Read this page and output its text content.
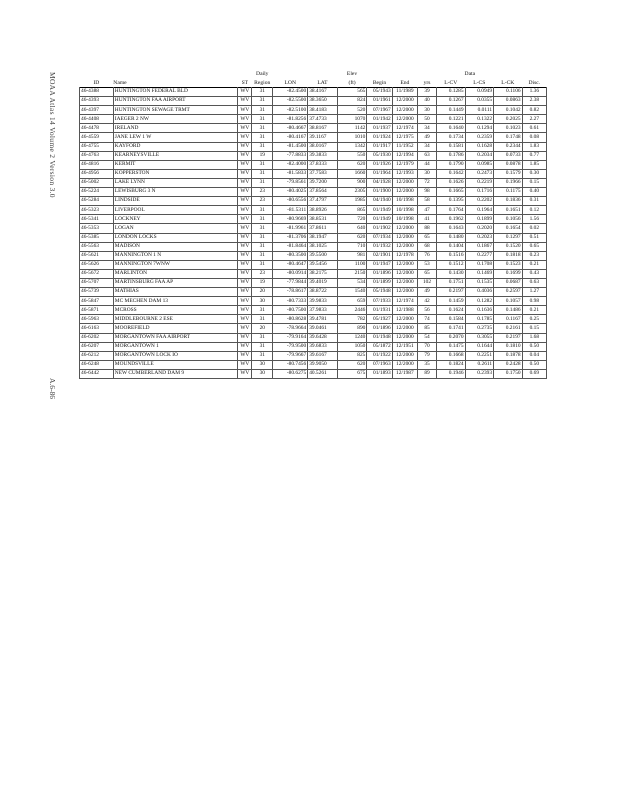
MOAA Atlas 14 Volume 2 Version 3.0
A.6-86
			Daily			Elev			Data				
ID	Name	ST	Region	LON	LAT	(ft)	Begin	End	yrs	L-CV	L-CS	L-CK	Disc.
46-4388	HUNTINGTON FEDERAL BLD	WV	31	-82.4500	38.4167	565	05/1943	11/1989	39	0.1285	0.0949	0.1106	1.36
46-4393	HUNTINGTON FAA AIRPORT	WV	31	-82.5500	38.3650	824	01/1961	12/2000	40	0.1267	0.0355	0.0863	2.38
46-4397	HUNTINGTON SEWAGE TRMT	WV	31	-82.5100	38.4183	520	07/1967	12/2000	30	0.1449	0.0111	0.1042	0.82
46-4408	IAEGER 2 NW	WV	31	-81.8256	37.4733	1070	01/1942	12/2000	50	0.1221	0.1322	0.2025	2.27
46-4478	IRELAND	WV	31	-80.4667	38.8167	1142	01/1937	12/1974	34	0.1640	0.1294	0.1023	0.61
46-4559	JANE LEW 1 W	WV	31	-80.4167	39.1167	1010	01/1924	12/1975	49	0.1734	0.2359	0.1748	0.08
46-4755	KAYFORD	WV	31	-81.4500	38.0167	1342	01/1917	11/1952	34	0.1581	0.1628	0.2344	1.83
46-4763	KEARNEYSVILLE	WV	19	-77.8833	39.3833	550	05/1930	12/1994	63	0.1786	0.2034	0.0733	0.77
46-4816	KERMIT	WV	31	-82.4000	37.8333	620	01/1926	12/1979	44	0.1790	0.0985	0.0878	1.85
46-4956	KOPPERSTON	WV	31	-81.5833	37.7583	1660	01/1964	12/1993	30	0.1642	0.2473	0.1579	0.30
46-5002	LAKE LYNN	WV	31	-79.8561	39.7200	900	04/1928	12/2000	72	0.1626	0.2219	0.1966	0.15
46-5224	LEWISBURG 3 N	WV	23	-80.4025	37.8564	2305	01/1900	12/2000	98	0.1665	0.1716	0.1175	0.40
46-5284	LINDSIDE	WV	23	-80.6556	37.4797	1985	04/1940	10/1998	58	0.1395	0.2202	0.1836	0.31
46-5323	LIVERPOOL	WV	31	-81.5311	38.8926	865	01/1949	10/1998	47	0.1764	0.1964	0.1651	0.12
46-5341	LOCKNEY	WV	31	-80.9669	38.8531	720	01/1949	10/1998	41	0.1962	0.1899	0.1056	1.56
46-5353	LOGAN	WV	31	-81.9961	37.8611	640	01/1902	12/2000	88	0.1643	0.2020	0.1654	0.02
46-5385	LONDON LOCKS	WV	31	-81.3706	38.1947	620	07/1934	12/2000	65	0.1480	0.2023	0.1297	0.51
46-5563	MADISON	WV	31	-81.8464	38.1025	710	01/1932	12/2000	68	0.1404	0.1867	0.1520	0.65
46-5621	MANNINGTON 1 N	WV	31	-80.3500	39.5500	981	02/1901	12/1978	76	0.1516	0.2277	0.1818	0.23
46-5626	MANNINGTON 7WNW	WV	31	-80.4647	39.5456	1100	01/1947	12/2000	53	0.1512	0.1708	0.1523	0.21
46-5672	MARLINTON	WV	23	-80.0914	38.2175	2150	01/1896	12/2000	65	0.1430	0.1469	0.1699	0.43
46-5707	MARTINSBURG FAA AP	WV	19	-77.9844	39.4019	534	01/1899	12/2000	102	0.1751	0.1535	0.0687	0.63
46-5739	MATHIAS	WV	20	-78.8617	38.8722	1540	05/1948	12/2000	49	0.2197	0.4036	0.2597	1.27
46-5847	MC MECHEN DAM 13	WV	30	-80.7333	39.9833	659	07/1933	12/1974	42	0.1459	0.1282	0.1057	0.98
46-5871	MCROSS	WV	31	-80.7500	37.9833	2446	01/1931	12/1988	56	0.1624	0.1636	0.1486	0.21
46-5963	MIDDLEBOURNE 2 ESE	WV	31	-80.8628	39.4781	782	05/1927	12/2000	74	0.1584	0.1785	0.1167	0.25
46-6163	MOOREFIELD	WV	20	-78.9664	39.0461	890	01/1896	12/2000	85	0.1741	0.2735	0.2161	0.15
46-6202	MORGANTOWN FAA AIRPORT	WV	31	-79.9164	39.6428	1240	01/1948	12/2000	54	0.2070	0.3055	0.2197	1.68
46-6207	MORGANTOWN 1	WV	31	-79.9500	39.6833	1050	05/1872	12/1951	70	0.1475	0.1644	0.1810	0.50
46-6212	MORGANTOWN LOCK IO	WV	31	-79.9667	39.6167	825	01/1922	12/2000	79	0.1668	0.2251	0.1878	0.04
46-6248	MOUNDSVILLE	WV	30	-80.7456	39.9050	620	07/1963	12/2000	35	0.1824	0.2611	0.2428	0.50
46-6442	NEW CUMBERLAND DAM 9	WV	30	-80.6275	40.5261	675	01/1893	12/1987	89	0.1946	0.2393	0.1750	0.69
